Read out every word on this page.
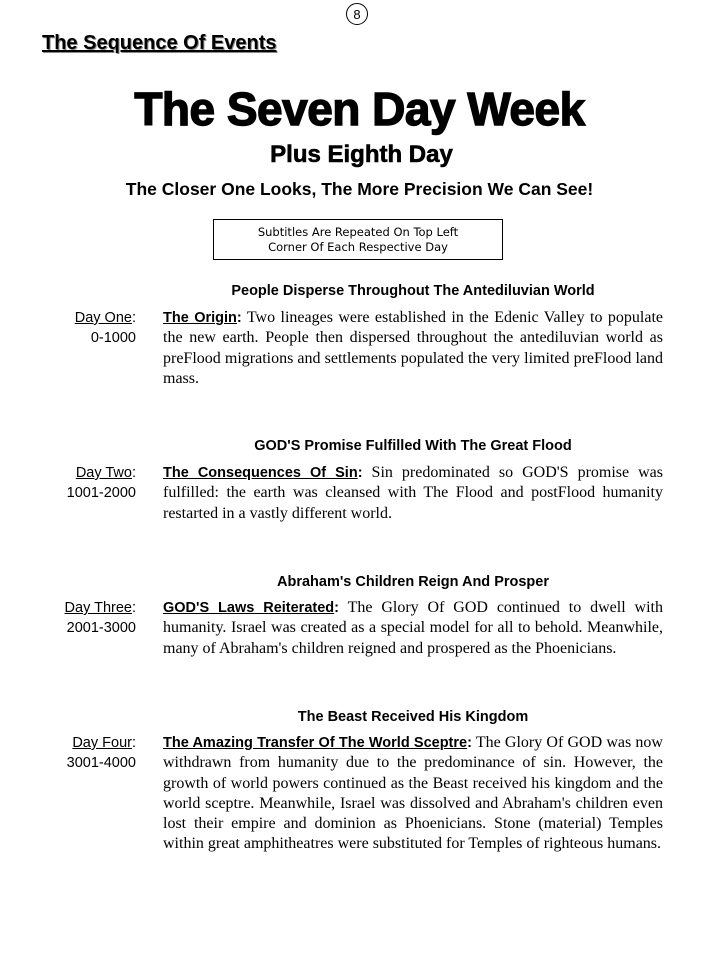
8
The Sequence Of Events
The Seven Day Week
Plus Eighth Day
The Closer One Looks, The More Precision We Can See!
Subtitles Are Repeated On Top Left
Corner Of Each Respective Day
People Disperse Throughout The Antediluvian World
Day One:
0-1000
The Origin: Two lineages were established in the Edenic Valley to populate the new earth. People then dispersed throughout the antediluvian world as preFlood migrations and settlements populated the very limited preFlood land mass.
GOD'S Promise Fulfilled With The Great Flood
Day Two:
1001-2000
The Consequences Of Sin: Sin predominated so GOD'S promise was fulfilled: the earth was cleansed with The Flood and postFlood humanity restarted in a vastly different world.
Abraham's Children Reign And Prosper
Day Three:
2001-3000
GOD'S Laws Reiterated: The Glory Of GOD continued to dwell with humanity. Israel was created as a special model for all to behold. Meanwhile, many of Abraham's children reigned and prospered as the Phoenicians.
The Beast Received His Kingdom
Day Four:
3001-4000
The Amazing Transfer Of The World Sceptre: The Glory Of GOD was now withdrawn from humanity due to the predominance of sin. However, the growth of world powers continued as the Beast received his kingdom and the world sceptre. Meanwhile, Israel was dissolved and Abraham's children even lost their empire and dominion as Phoenicians. Stone (material) Temples within great amphitheatres were substituted for Temples of righteous humans.
